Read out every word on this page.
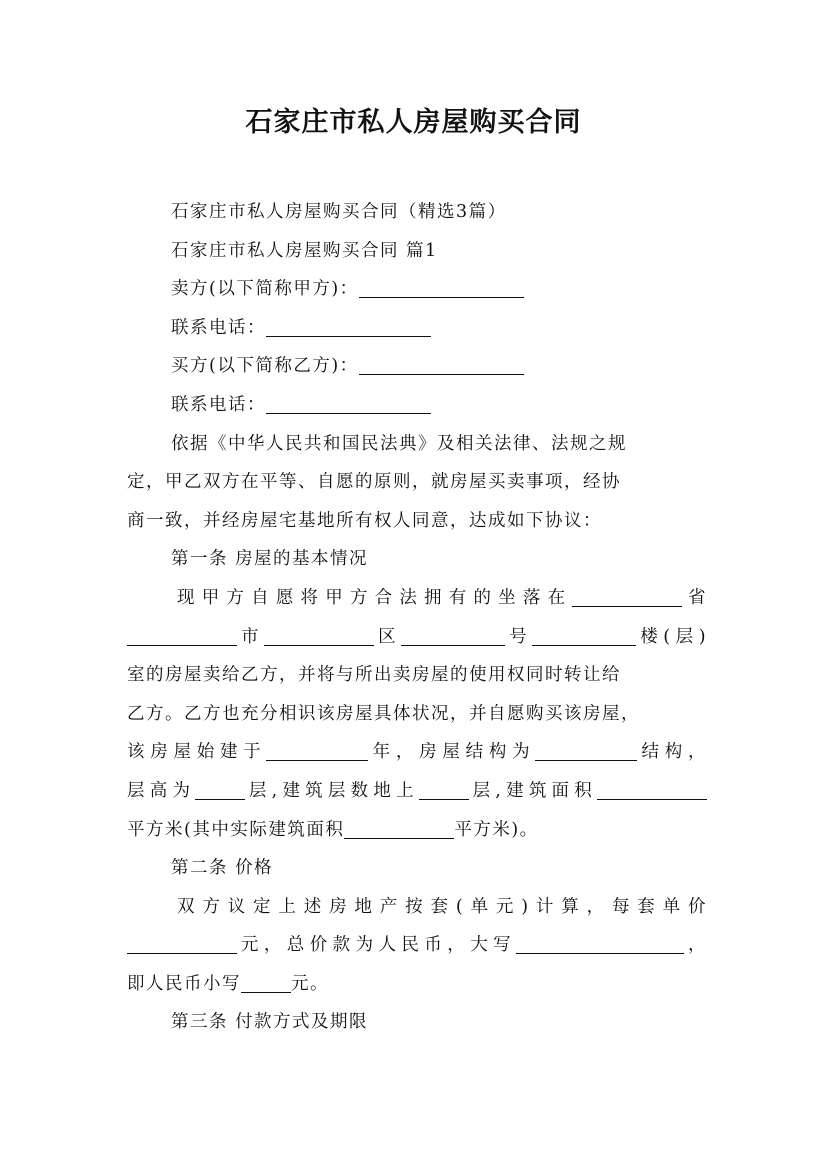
石家庄市私人房屋购买合同

石家庄市私人房屋购买合同（精选3篇）

石家庄市私人房屋购买合同 篇1

卖方(以下简称甲方)：

联系电话：

买方(以下简称乙方)：

联系电话：

依据《中华人民共和国民法典》及相关法律、法规之规

定，甲乙双方在平等、自愿的原则，就房屋买卖事项，经协

商一致，并经房屋宅基地所有权人同意，达成如下协议：

第一条 房屋的基本情况

现甲方自愿将甲方合法拥有的坐落在	省

市	区	号	楼(层)

室的房屋卖给乙方，并将与所出卖房屋的使用权同时转让给

乙方。乙方也充分相识该房屋具体状况，并自愿购买该房屋，

该房屋始建于	年，房屋结构为	结构，

层高为	层,建筑层数地上	层,建筑面积

平方米(其中实际建筑面积	平方米)。

第二条 价格

双方议定上述房地产按套(单元)计算，每套单价

元，总价款为人民币，大写	，

即人民币小写	元。

第三条 付款方式及期限
